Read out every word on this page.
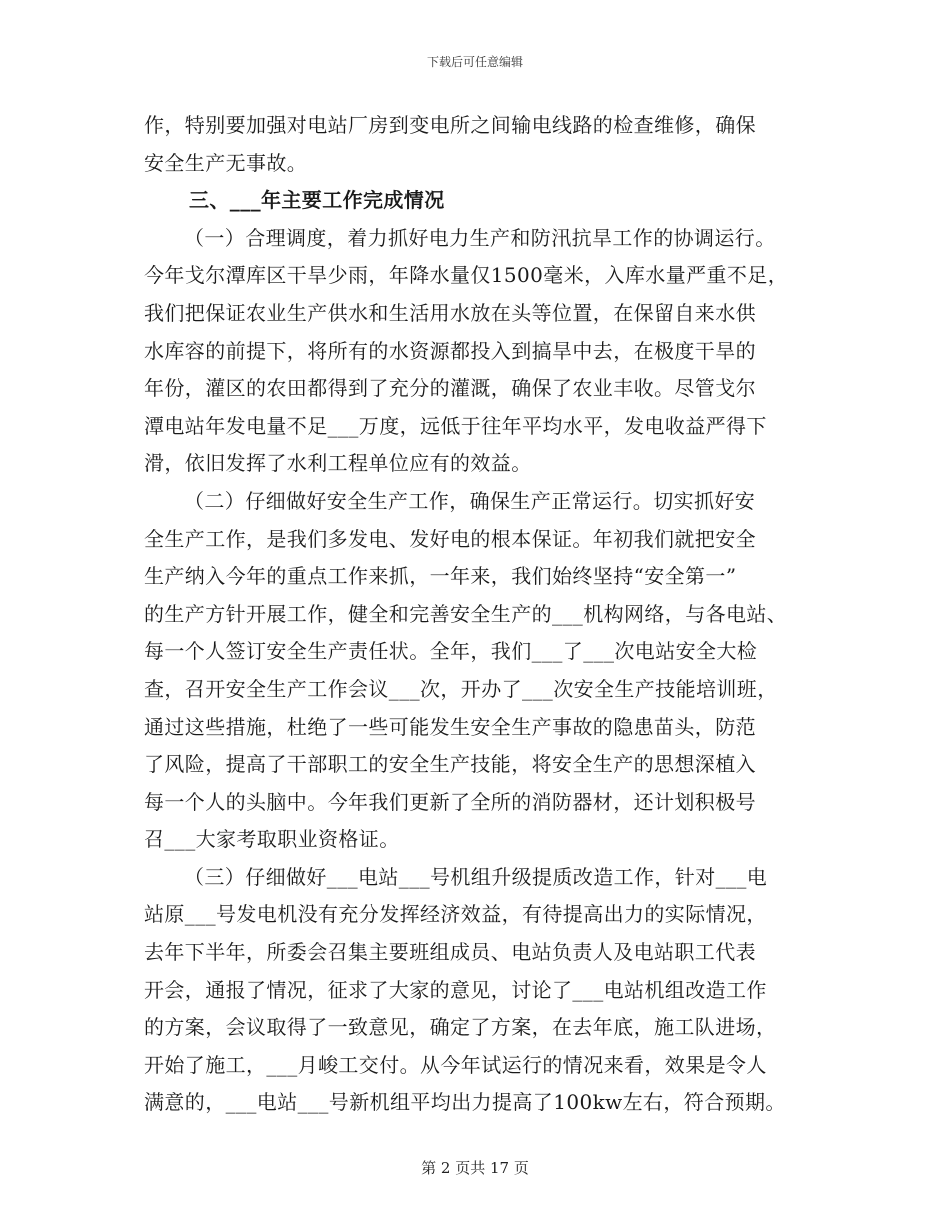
下载后可任意编辑
作，特别要加强对电站厂房到变电所之间输电线路的检查维修，确保
安全生产无事故。
三、___年主要工作完成情况
（一）合理调度，着力抓好电力生产和防汛抗旱工作的协调运行。
今年戈尔潭库区干旱少雨，年降水量仅1500毫米，入库水量严重不足，
我们把保证农业生产供水和生活用水放在头等位置，在保留自来水供
水库容的前提下，将所有的水资源都投入到搞旱中去，在极度干旱的
年份，灌区的农田都得到了充分的灌溉，确保了农业丰收。尽管戈尔
潭电站年发电量不足___万度，远低于往年平均水平，发电收益严得下
滑，依旧发挥了水利工程单位应有的效益。
（二）仔细做好安全生产工作，确保生产正常运行。切实抓好安
全生产工作，是我们多发电、发好电的根本保证。年初我们就把安全
生产纳入今年的重点工作来抓，一年来，我们始终坚持“安全第一”
的生产方针开展工作，健全和完善安全生产的___机构网络，与各电站、
每一个人签订安全生产责任状。全年，我们___了___次电站安全大检
查，召开安全生产工作会议___次，开办了___次安全生产技能培训班，
通过这些措施，杜绝了一些可能发生安全生产事故的隐患苗头，防范
了风险，提高了干部职工的安全生产技能，将安全生产的思想深植入
每一个人的头脑中。今年我们更新了全所的消防器材，还计划积极号
召___大家考取职业资格证。
（三）仔细做好___电站___号机组升级提质改造工作，针对___电
站原___号发电机没有充分发挥经济效益，有待提高出力的实际情况，
去年下半年，所委会召集主要班组成员、电站负责人及电站职工代表
开会，通报了情况，征求了大家的意见，讨论了___电站机组改造工作
的方案，会议取得了一致意见，确定了方案，在去年底，施工队进场，
开始了施工，___月峻工交付。从今年试运行的情况来看，效果是令人
满意的，___电站___号新机组平均出力提高了100kw左右，符合预期。
第 2 页共 17 页
